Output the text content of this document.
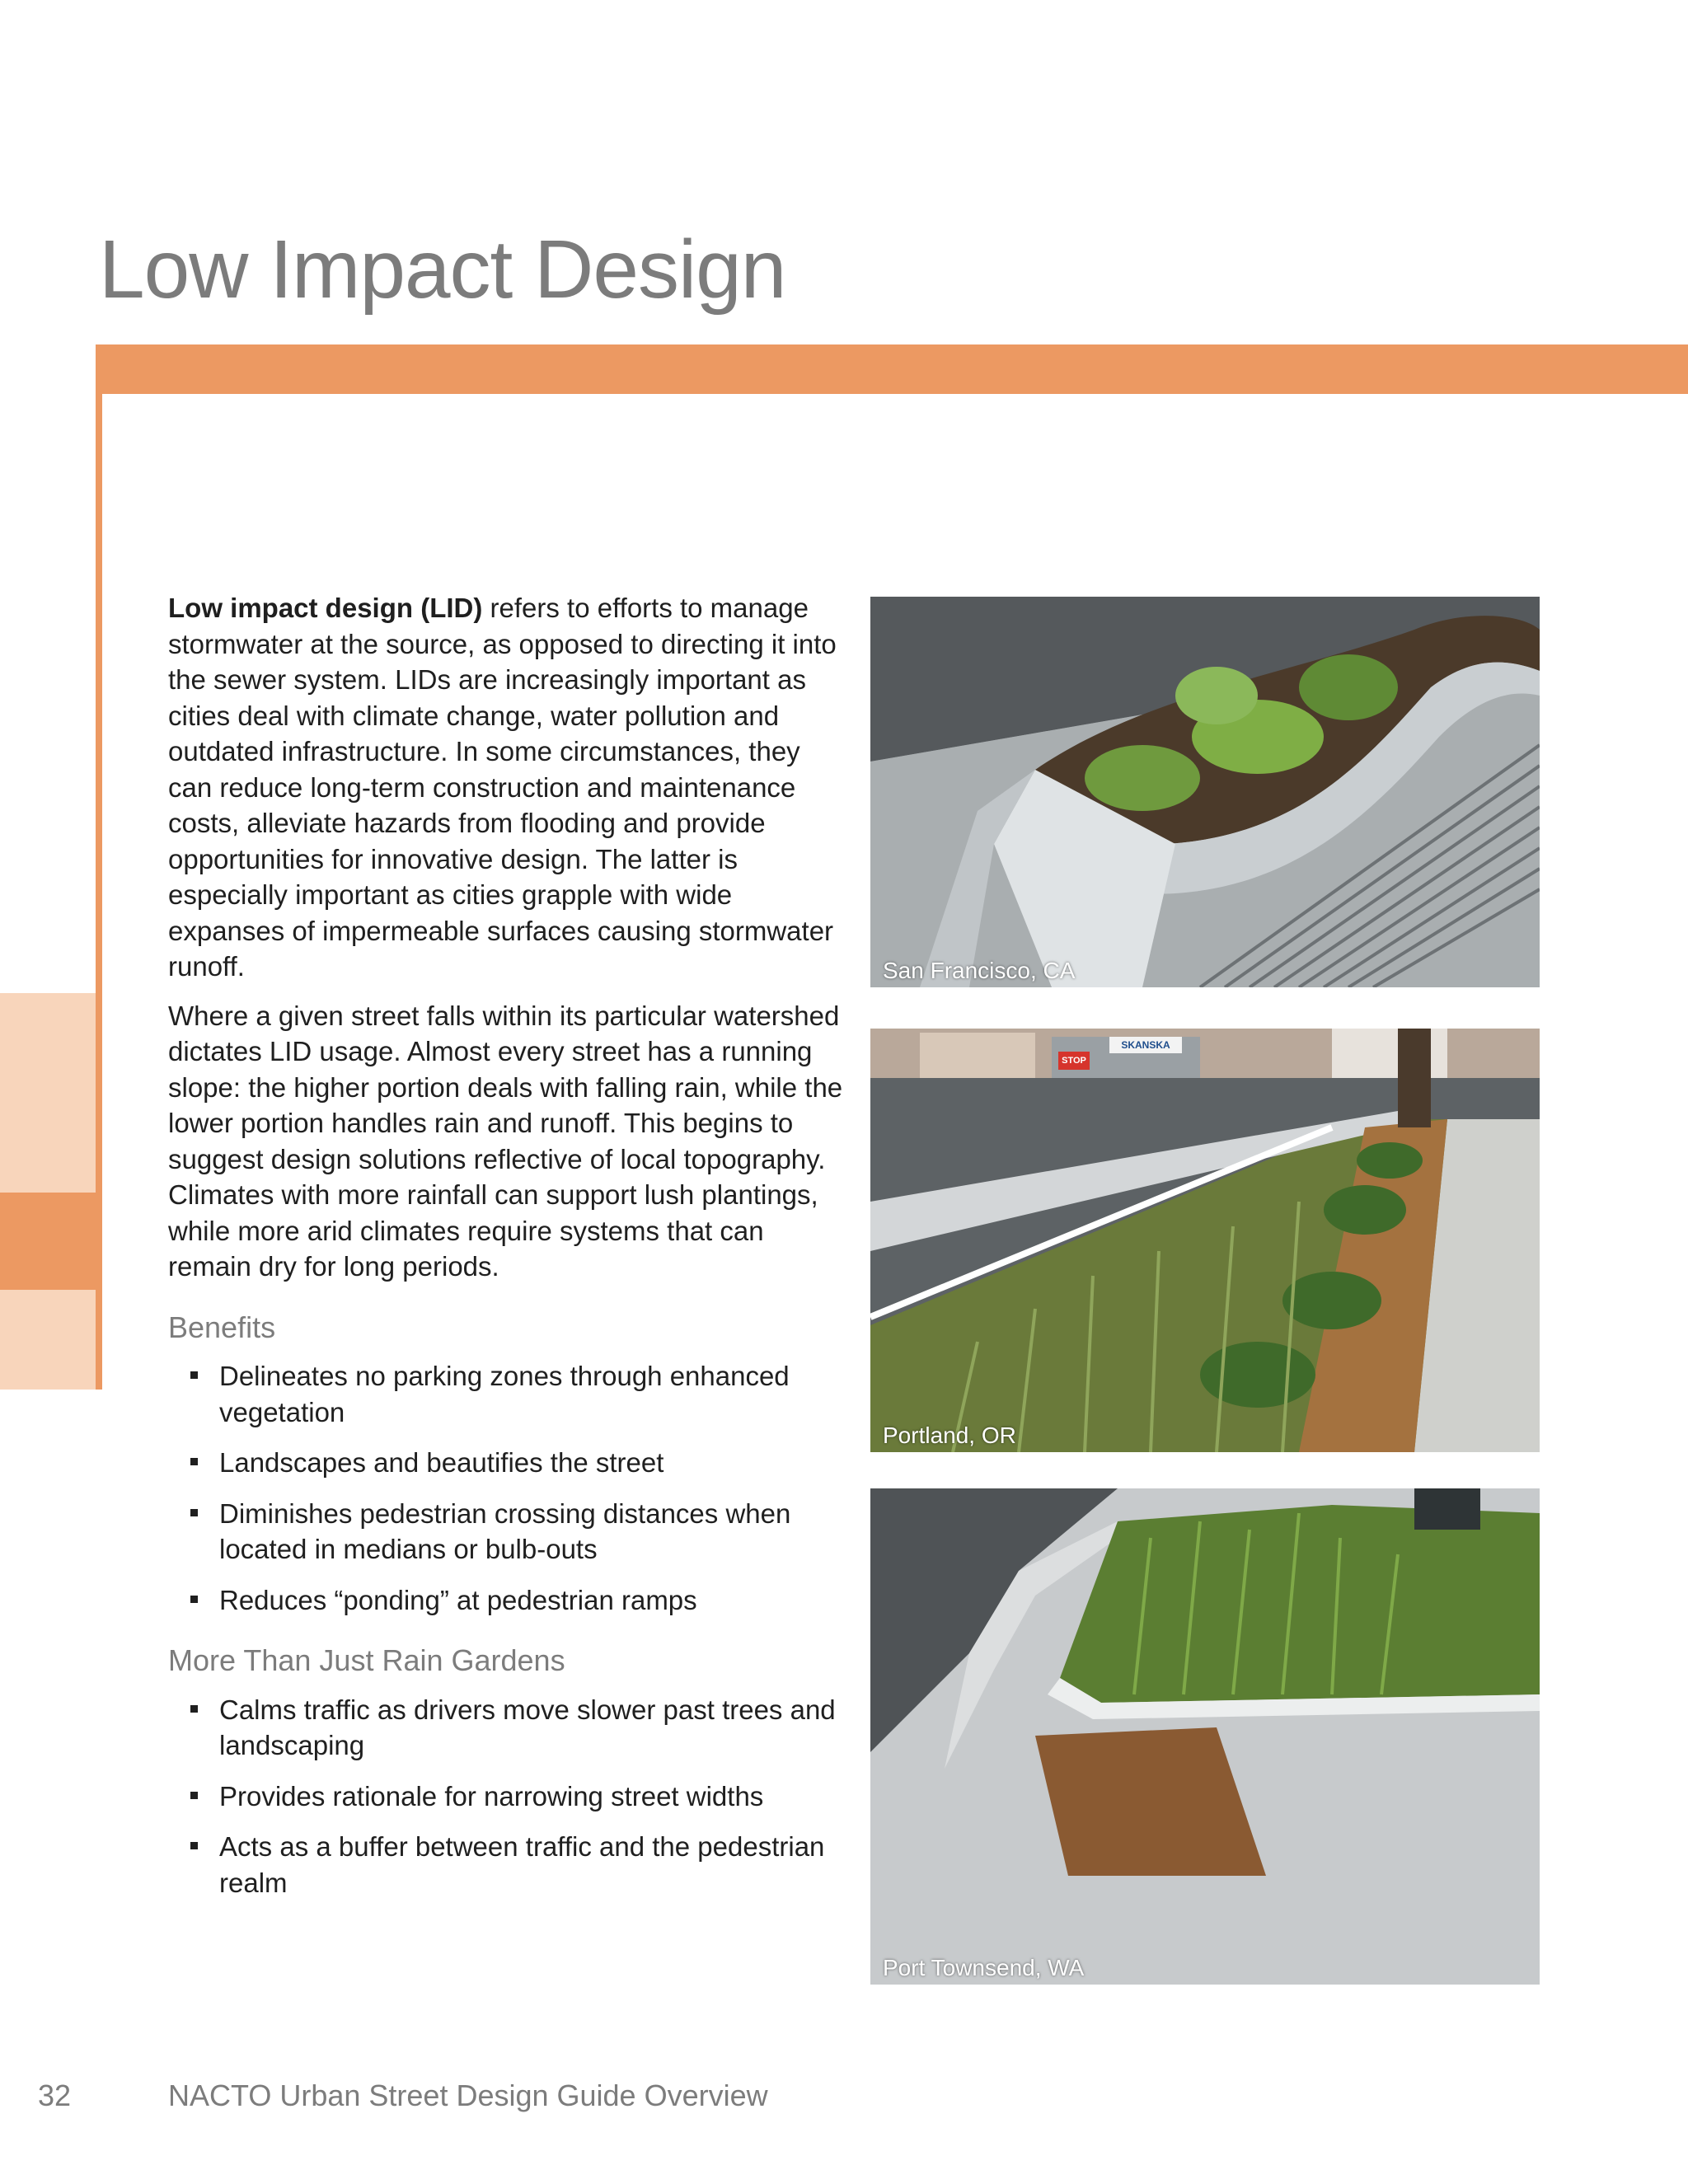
Low Impact Design

Low impact design (LID) refers to efforts to manage stormwater at the source, as opposed to directing it into the sewer system. LIDs are increasingly important as cities deal with climate change, water pollution and outdated infrastructure. In some circumstances, they can reduce long-term construction and maintenance costs, alleviate hazards from flooding and provide opportunities for innovative design. The latter is especially important as cities grapple with wide expanses of impermeable surfaces causing stormwater runoff.

Where a given street falls within its particular watershed dictates LID usage. Almost every street has a running slope: the higher portion deals with falling rain, while the lower portion handles rain and runoff. This begins to suggest design solutions reflective of local topography. Climates with more rainfall can support lush plantings, while more arid climates require systems that can remain dry for long periods.

Benefits
Delineates no parking zones through enhanced vegetation
Landscapes and beautifies the street
Diminishes pedestrian crossing distances when located in medians or bulb-outs
Reduces “ponding” at pedestrian ramps
More Than Just Rain Gardens
Calms traffic as drivers move slower past trees and landscaping
Provides rationale for narrowing street widths
Acts as a buffer between traffic and the pedestrian realm
San Francisco, CA
STOP
SKANSKA
Portland, OR
Port Townsend, WA
32	NACTO Urban Street Design Guide Overview
